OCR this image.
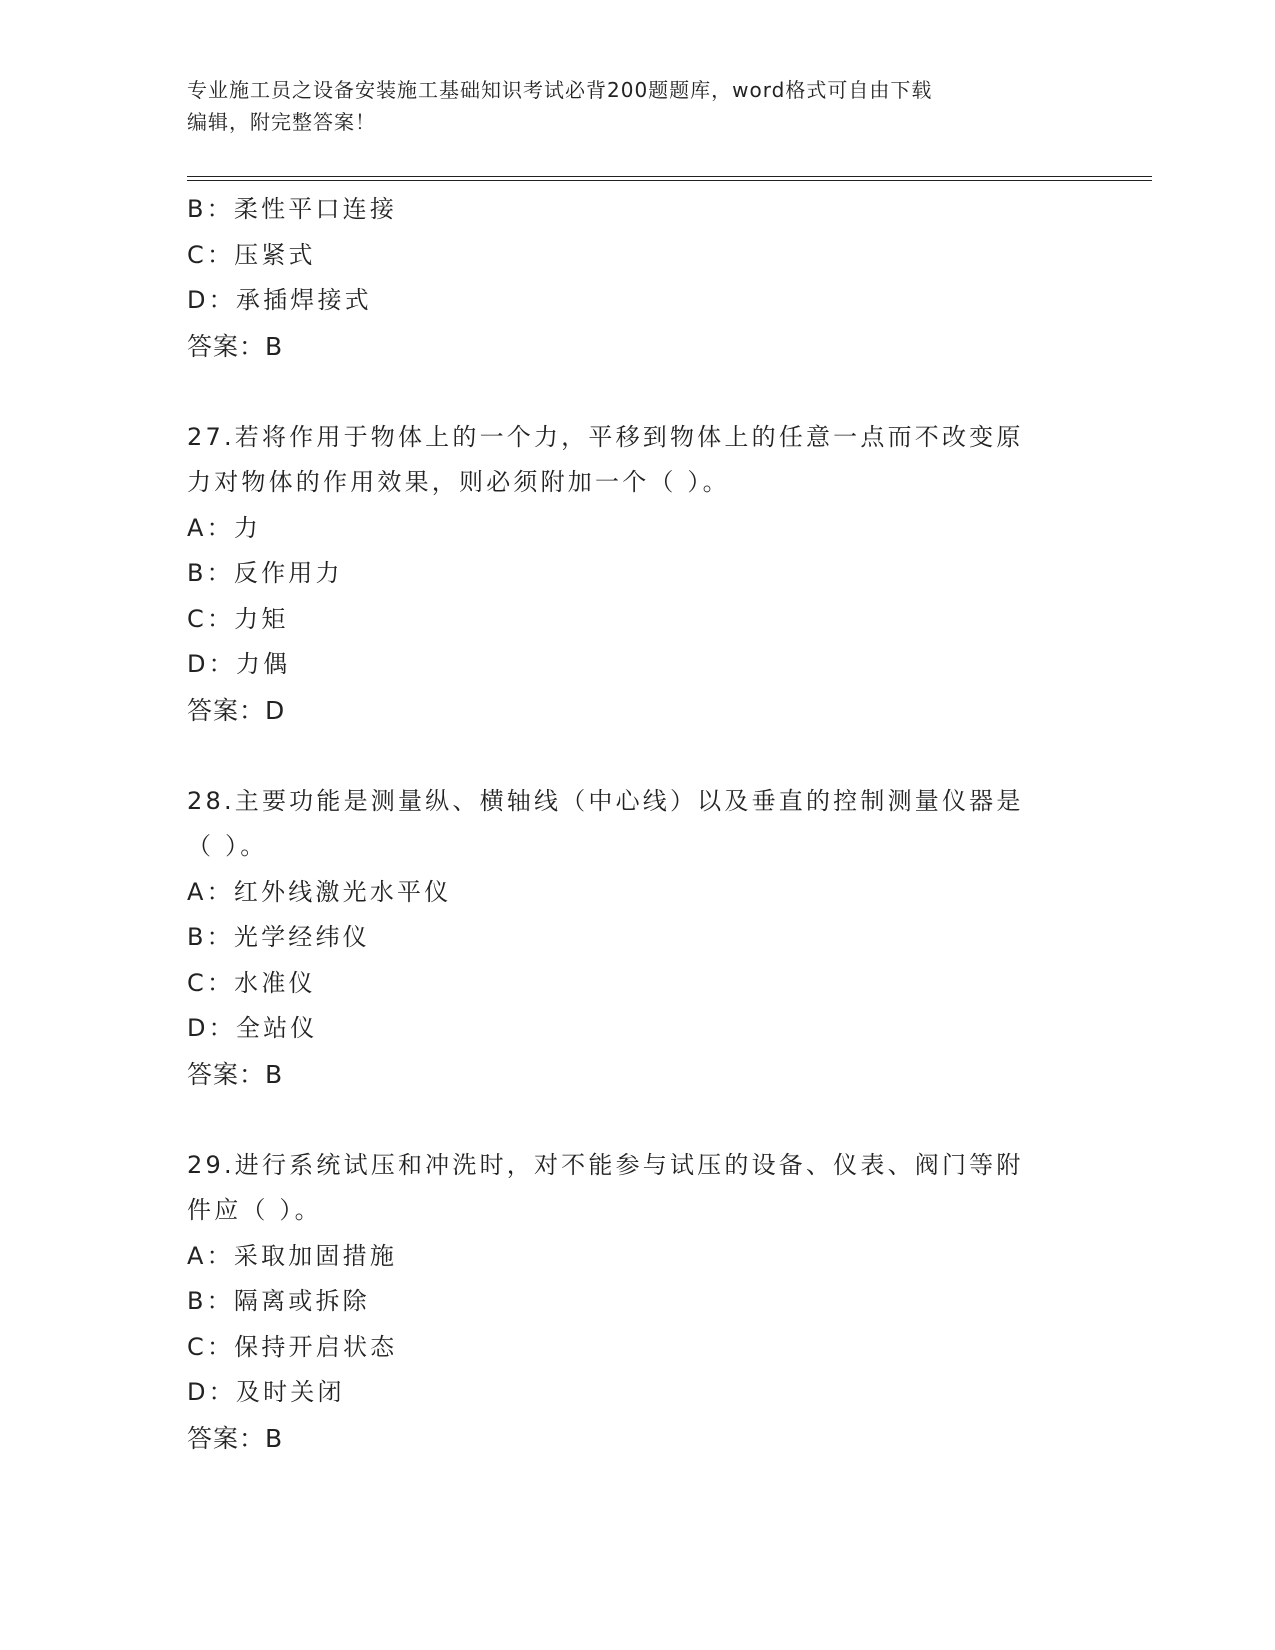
专业施工员之设备安装施工基础知识考试必背200题题库，word格式可自由下载
编辑，附完整答案！
B：柔性平口连接
C：压紧式
D：承插焊接式
答案：B
27.若将作用于物体上的一个力，平移到物体上的任意一点而不改变原
力对物体的作用效果，则必须附加一个（ ）。
A：力
B：反作用力
C：力矩
D：力偶
答案：D
28.主要功能是测量纵、横轴线（中心线）以及垂直的控制测量仪器是
（ ）。
A：红外线激光水平仪
B：光学经纬仪
C：水准仪
D：全站仪
答案：B
29.进行系统试压和冲洗时，对不能参与试压的设备、仪表、阀门等附
件应（ ）。
A：采取加固措施
B：隔离或拆除
C：保持开启状态
D：及时关闭
答案：B
